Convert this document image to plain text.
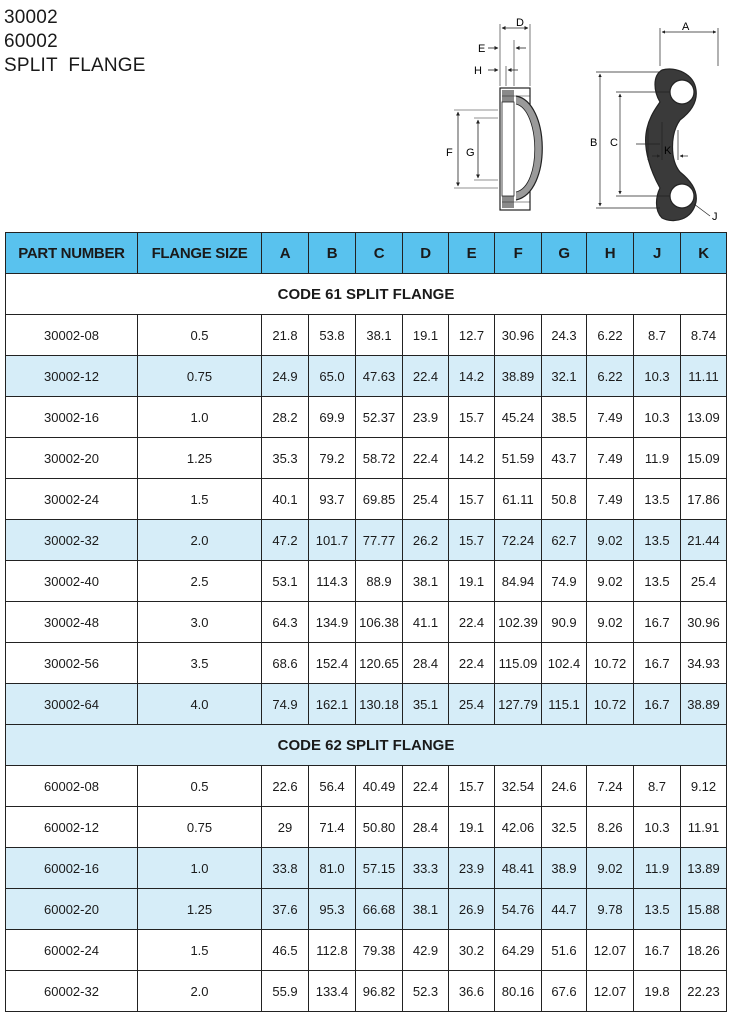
30002
60002
SPLIT  FLANGE
D
E
H
F G
A
B C
K
J
PART NUMBER	FLANGE SIZE	A	B	C	D	E	F	G	H	J	K
CODE 61 SPLIT FLANGE											
30002-08	0.5	21.8	53.8	38.1	19.1	12.7	30.96	24.3	6.22	8.7	8.74
30002-12	0.75	24.9	65.0	47.63	22.4	14.2	38.89	32.1	6.22	10.3	11.11
30002-16	1.0	28.2	69.9	52.37	23.9	15.7	45.24	38.5	7.49	10.3	13.09
30002-20	1.25	35.3	79.2	58.72	22.4	14.2	51.59	43.7	7.49	11.9	15.09
30002-24	1.5	40.1	93.7	69.85	25.4	15.7	61.11	50.8	7.49	13.5	17.86
30002-32	2.0	47.2	101.7	77.77	26.2	15.7	72.24	62.7	9.02	13.5	21.44
30002-40	2.5	53.1	114.3	88.9	38.1	19.1	84.94	74.9	9.02	13.5	25.4
30002-48	3.0	64.3	134.9	106.38	41.1	22.4	102.39	90.9	9.02	16.7	30.96
30002-56	3.5	68.6	152.4	120.65	28.4	22.4	115.09	102.4	10.72	16.7	34.93
30002-64	4.0	74.9	162.1	130.18	35.1	25.4	127.79	115.1	10.72	16.7	38.89
CODE 62 SPLIT FLANGE											
60002-08	0.5	22.6	56.4	40.49	22.4	15.7	32.54	24.6	7.24	8.7	9.12
60002-12	0.75	29	71.4	50.80	28.4	19.1	42.06	32.5	8.26	10.3	11.91
60002-16	1.0	33.8	81.0	57.15	33.3	23.9	48.41	38.9	9.02	11.9	13.89
60002-20	1.25	37.6	95.3	66.68	38.1	26.9	54.76	44.7	9.78	13.5	15.88
60002-24	1.5	46.5	112.8	79.38	42.9	30.2	64.29	51.6	12.07	16.7	18.26
60002-32	2.0	55.9	133.4	96.82	52.3	36.6	80.16	67.6	12.07	19.8	22.23
